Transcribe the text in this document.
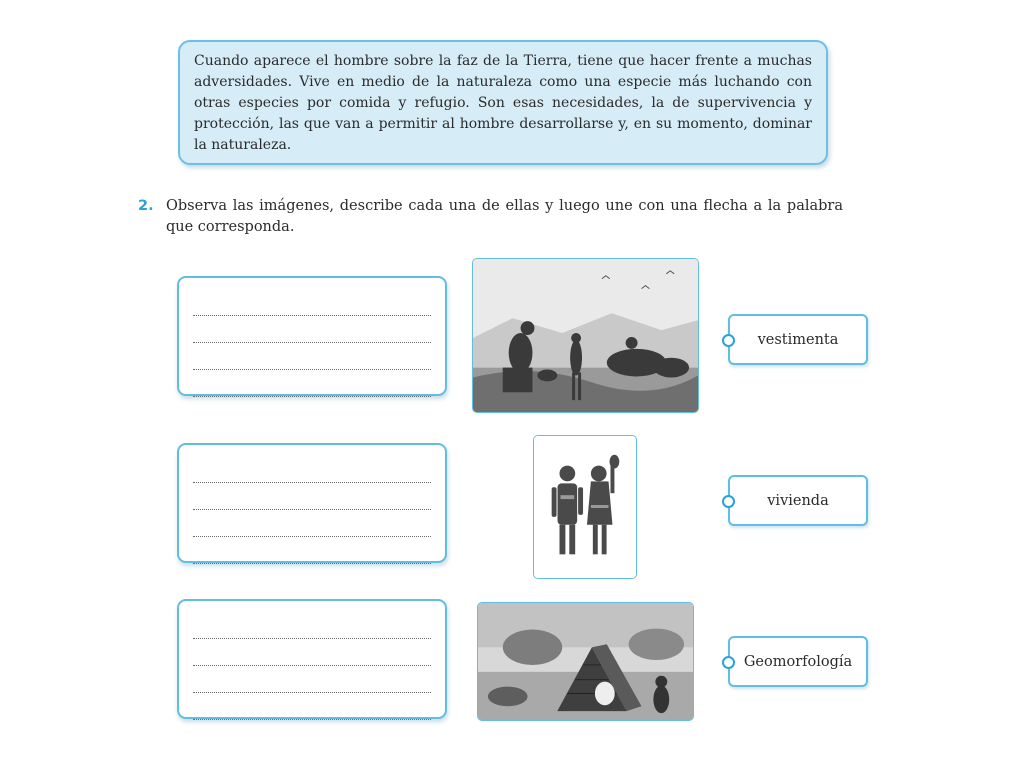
Cuando aparece el hombre sobre la faz de la Tierra, tiene que hacer frente a muchas adversidades. Vive en medio de la naturaleza como una especie más luchando con otras especies por comida y refugio. Son esas necesidades, la de supervivencia y protección, las que van a permitir al hombre desarrollarse y, en su momento, dominar la naturaleza.
2. Observa las imágenes, describe cada una de ellas y luego une con una flecha a la palabra que corresponda.
vestimenta
vivienda
Geomorfología
